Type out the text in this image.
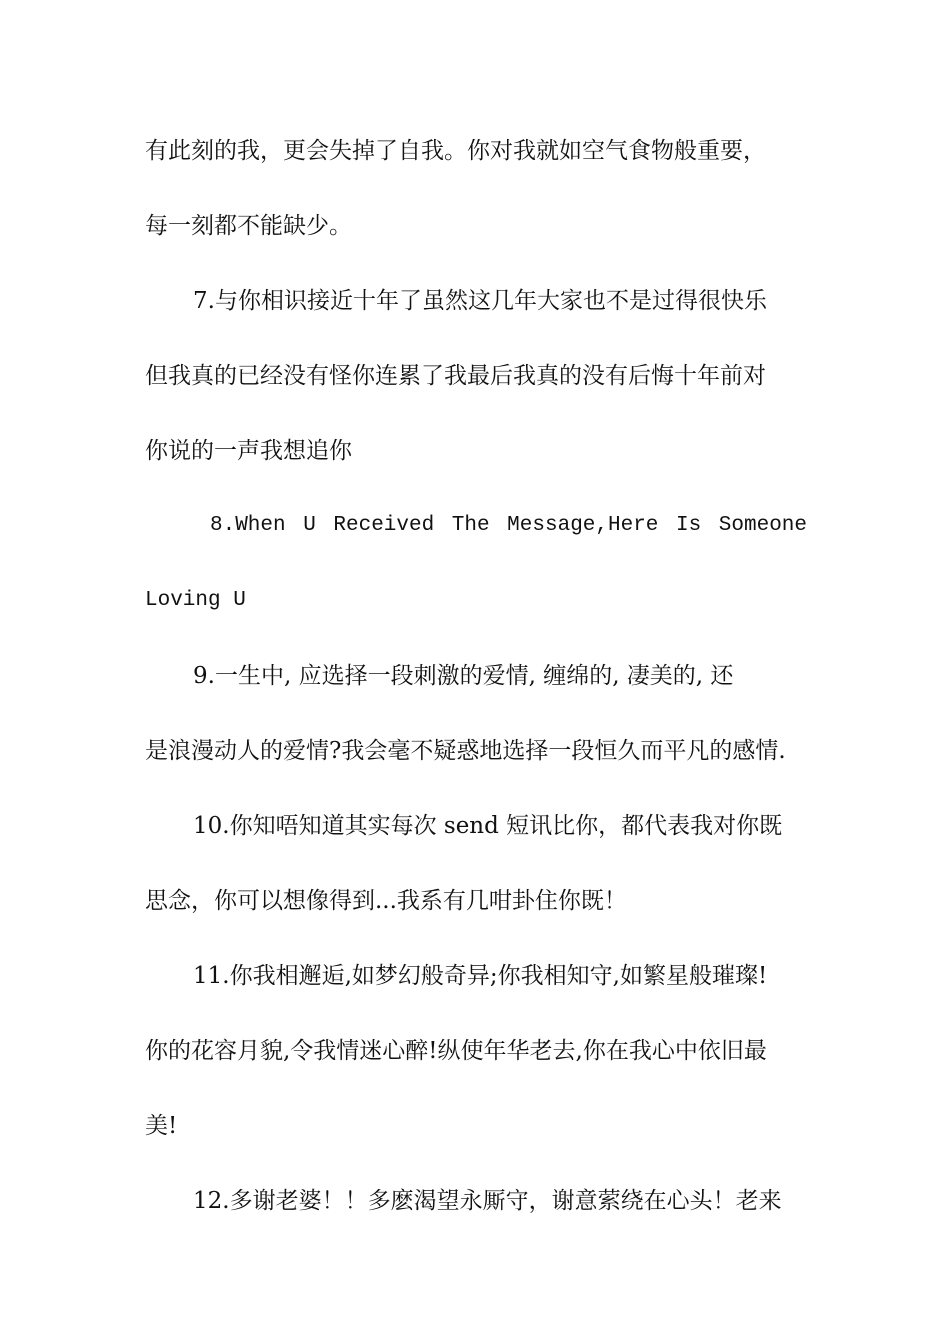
有此刻的我，更会失掉了自我。你对我就如空气食物般重要，
每一刻都不能缺少。
7.与你相识接近十年了虽然这几年大家也不是过得很快乐
但我真的已经没有怪你连累了我最后我真的没有后悔十年前对
你说的一声我想追你
8.When U Received The Message,Here Is Someone
Loving U
9.一生中, 应选择一段刺激的爱情, 缠绵的, 凄美的, 还
是浪漫动人的爱情?我会毫不疑惑地选择一段恒久而平凡的感情.
10.你知唔知道其实每次 send 短讯比你，都代表我对你既
思念，你可以想像得到...我系有几咁卦住你既！
11.你我相邂逅,如梦幻般奇异;你我相知守,如繁星般璀璨!
你的花容月貌,令我情迷心醉!纵使年华老去,你在我心中依旧最
美!
12.多谢老婆！！多麽渴望永厮守，谢意萦绕在心头！老来
